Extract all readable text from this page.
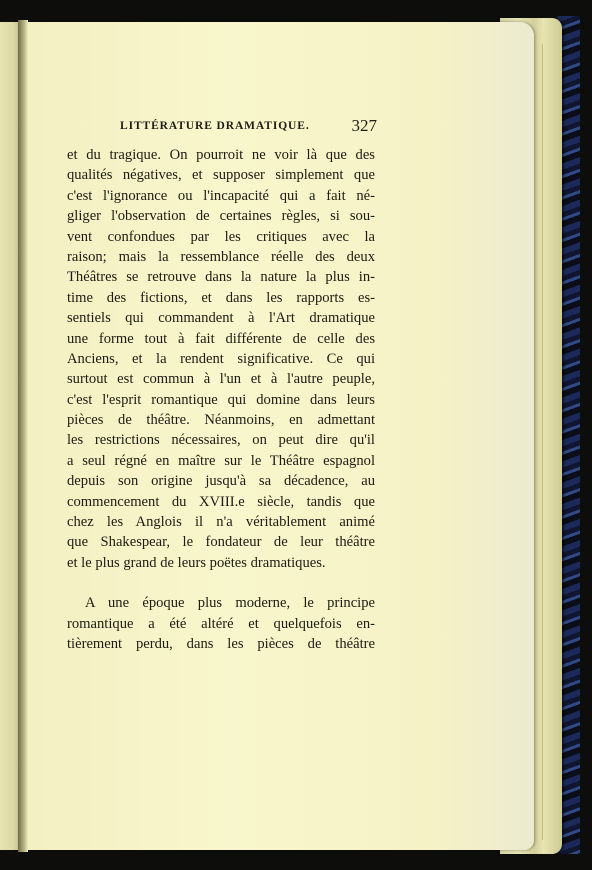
LITTÉRATURE DRAMATIQUE. 327
et du tragique. On pourroit ne voir là que des
qualités négatives, et supposer simplement que
c'est l'ignorance ou l'incapacité qui a fait né-
gliger l'observation de certaines règles, si sou-
vent confondues par les critiques avec la
raison; mais la ressemblance réelle des deux
Théâtres se retrouve dans la nature la plus in-
time des fictions, et dans les rapports es-
sentiels qui commandent à l'Art dramatique
une forme tout à fait différente de celle des
Anciens, et la rendent significative. Ce qui
surtout est commun à l'un et à l'autre peuple,
c'est l'esprit romantique qui domine dans leurs
pièces de théâtre. Néanmoins, en admettant
les restrictions nécessaires, on peut dire qu'il
a seul régné en maître sur le Théâtre espagnol
depuis son origine jusqu'à sa décadence, au
commencement du XVIII.e siècle, tandis que
chez les Anglois il n'a véritablement animé
que Shakespear, le fondateur de leur théâtre
et le plus grand de leurs poëtes dramatiques.
A une époque plus moderne, le principe
romantique a été altéré et quelquefois en-
tièrement perdu, dans les pièces de théâtre
